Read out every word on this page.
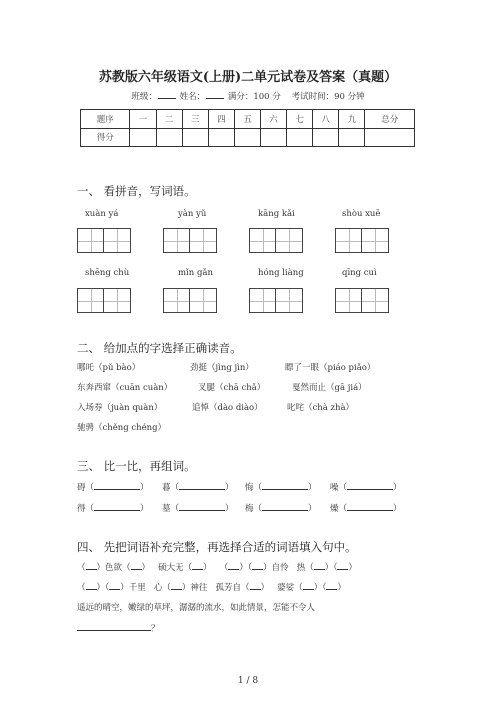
苏教版六年级语文(上册)二单元试卷及答案（真题）
班级：	姓名：	满分：100 分 考试时间：90 分钟
题序	一	二	三	四	五	六	七	八	九	总分
得分										
一、 看拼音，写词语。
xuàn yá	yàn yǔ	kāng kǎi	shòu xuē
shēng chù	mǐn gǎn	hóng liàng	qīng cuì
二、 给加点的字选择正确读音。
哪吒（pǔ bào）	劲挺（jìng jìn）	瞟了一眼（piáo piǎo）
东奔西窜（cuān cuàn）	叉腿（chā chǎ）	戛然而止（gā jiá）
入场券（juàn quàn）	追悼（dào diào）	叱咤（chà zhà）
驰骋（chěng chéng）
三、 比一比，再组词。
碍（	） 暮（	） 悔（	） 噪（	）
得（	） 墓（	） 梅（	） 燥（	）
四、 先把词语补充完整，再选择合适的词语填入句中。
（ ）色欲（ ） 硕大无（ ） （ ）（ ）自怜 热（ ）（ ）
（ ）（ ）千里 心（ ）神往 孤芳自（ ） 婆娑（ ）（ ）
遥远的晴空，嫩绿的草坪，潺潺的流水，如此情景，怎能不令人
？
1 / 8
